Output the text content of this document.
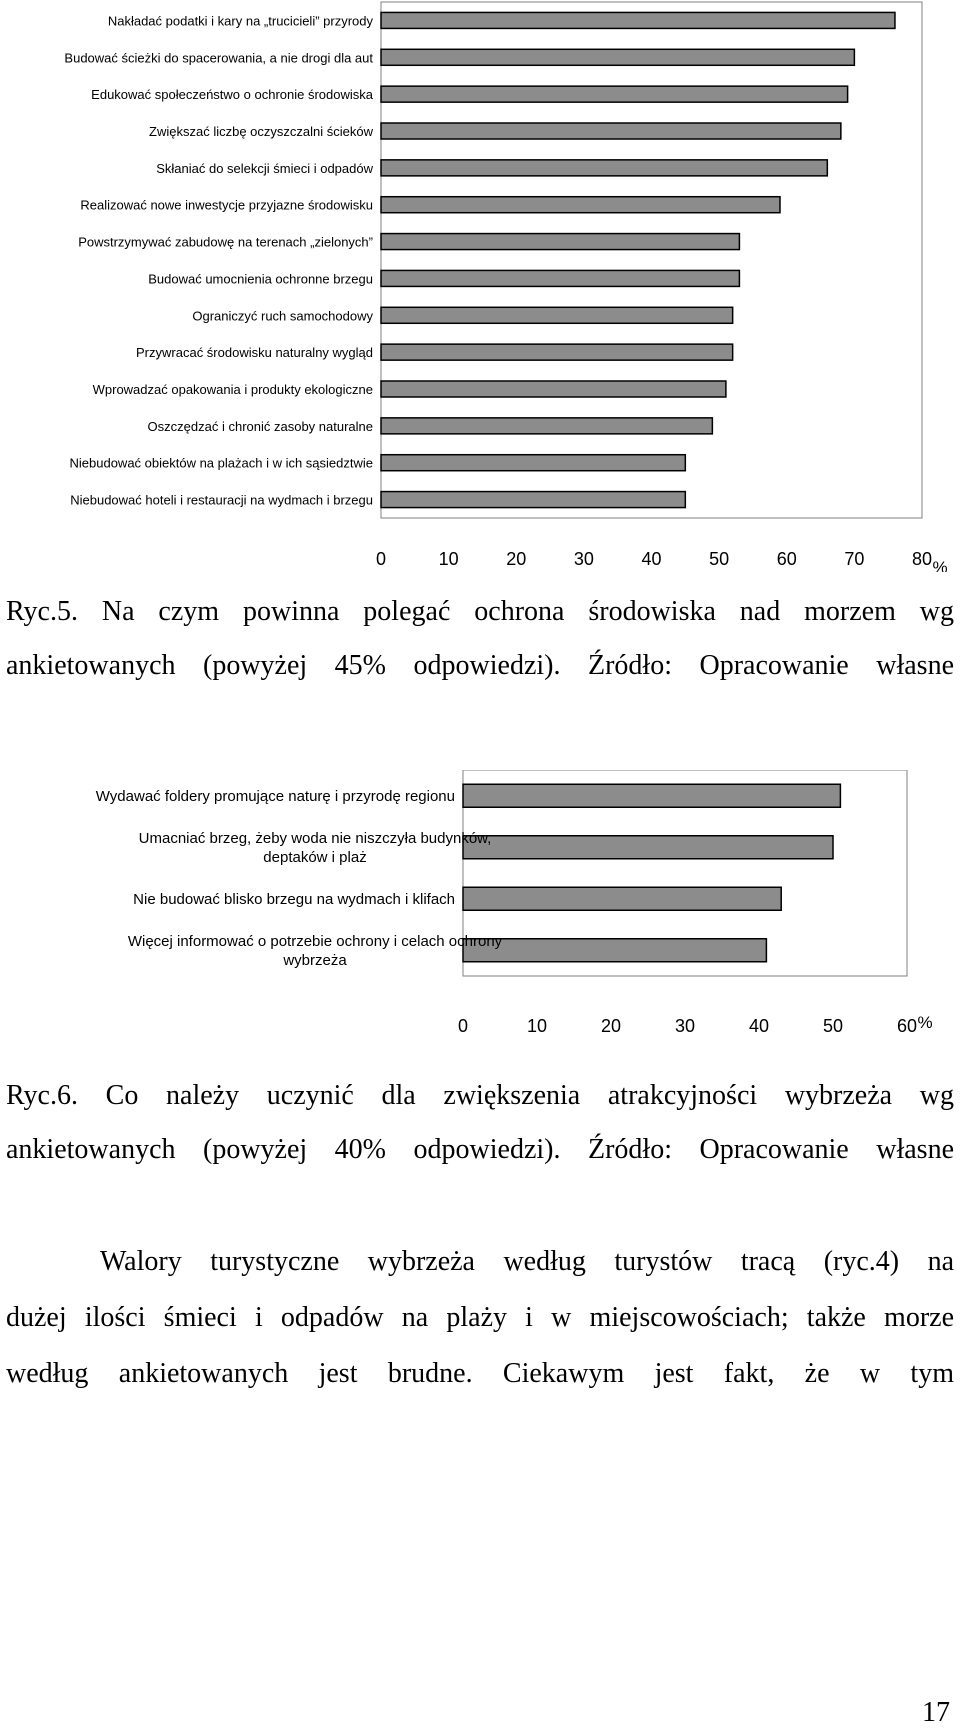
Nakładać podatki i kary na „trucicieli” przyrody
Budować ścieżki do spacerowania, a nie drogi dla aut
Edukować społeczeństwo o ochronie środowiska
Zwiększać liczbę oczyszczalni ścieków
Skłaniać do selekcji śmieci i odpadów
Realizować nowe inwestycje przyjazne środowisku
Powstrzymywać zabudowę na terenach „zielonych”
Budować umocnienia ochronne brzegu
Ograniczyć ruch samochodowy
Przywracać środowisku naturalny wygląd
Wprowadzać opakowania i produkty ekologiczne
Oszczędzać i chronić zasoby naturalne
Niebudować obiektów na plażach i w ich sąsiedztwie
Niebudować hoteli i restauracji na wydmach i brzegu
0	10	20	30	40	50	60	70	80 %
Ryc.5. Na czym powinna polegać ochrona środowiska nad morzem wg
ankietowanych (powyżej 45% odpowiedzi). Źródło: Opracowanie własne
Wydawać foldery promujące naturę i przyrodę regionu
Umacniać brzeg, żeby woda nie niszczyła budynków, deptaków i plaż
Nie budować blisko brzegu na wydmach i klifach
Więcej informować o potrzebie ochrony i celach ochrony wybrzeża
0	10	20	30	40	50	60 %
Ryc.6. Co należy uczynić dla zwiększenia atrakcyjności wybrzeża wg
ankietowanych (powyżej 40% odpowiedzi). Źródło: Opracowanie własne
Walory turystyczne wybrzeża według turystów tracą (ryc.4) na
dużej ilości śmieci i odpadów na plaży i w miejscowościach; także morze
według ankietowanych jest brudne. Ciekawym jest fakt, że w tym
17
